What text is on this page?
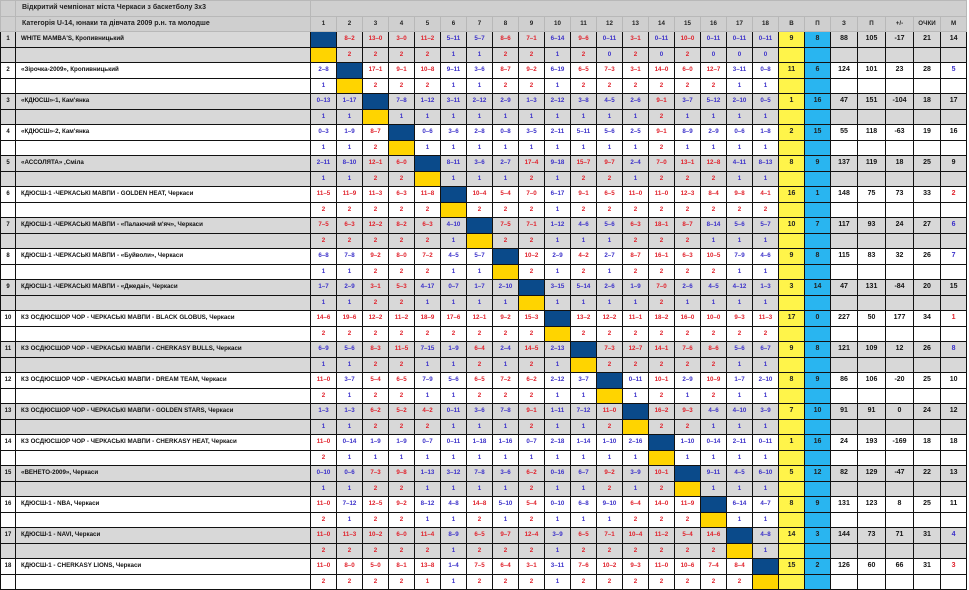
	Відкритий чемпіонат міста Черкаси з баскетболу 3х3																									
	Категорія U-14, юнаки та дівчата 2009 р.н. та молодше	1	2	3	4	5	6	7	8	9	10	11	12	13	14	15	16	17	18	В	П	З	П	+/-	ОЧКИ	М
1	WHITE MAMBA'S, Кропивницький		8–2	13–0	3–0	11–2	5–11	5–7	8–6	7–1	6–14	9–6	0–11	3–1	0–11	10–0	0–11	0–11	0–11	9	8	88	105	-17	21	14
			2	2	2	2	1	1	2	2	1	2	0	2	0	2	0	0	0							
2	«Зірочка-2009», Кропивницький	2–8		17–1	9–1	10–8	9–11	3–6	8–7	9–2	6–19	6–5	7–3	3–1	14–0	6–0	12–7	3–11	0–8	11	6	124	101	23	28	5
		1		2	2	2	1	1	2	2	1	2	2	2	2	2	2	1	1							
3	«КДЮСШ»-1, Кам'янка	0–13	1–17		7–8	1–12	3–11	2–12	2–9	1–3	2–12	3–8	4–5	2–6	9–1	3–7	5–12	2–10	0–5	1	16	47	151	-104	18	17
		1	1		1	1	1	1	1	1	1	1	1	1	2	1	1	1	1							
4	«КДЮСШ»-2, Кам'янка	0–3	1–9	8–7		0–6	3–6	2–8	0–8	3–5	2–11	5–11	5–6	2–5	9–1	8–9	2–9	0–6	1–8	2	15	55	118	-63	19	16
		1	1	2		1	1	1	1	1	1	1	1	1	2	1	1	1	1							
5	«АССОЛЯТА» ,Сміла	2–11	8–10	12–1	6–0		8–11	3–6	2–7	17–4	9–18	15–7	9–7	2–4	7–0	13–1	12–8	4–11	8–13	8	9	137	119	18	25	9
		1	1	2	2		1	1	1	2	1	2	2	1	2	2	2	1	1							
6	КДЮСШ-1 -ЧЕРКАСЬКІ МАВПИ - GOLDEN HEAT, Черкаси	11–5	11–9	11–3	6–3	11–8		10–4	5–4	7–0	6–17	9–1	6–5	11–0	11–0	12–3	8–4	9–8	4–1	16	1	148	75	73	33	2
		2	2	2	2	2		2	2	2	1	2	2	2	2	2	2	2	2							
7	КДЮСШ-1 -ЧЕРКАСЬКІ МАВПИ - «Палаючий м'яч», Черкаси	7–5	6–3	12–2	8–2	6–3	4–10		7–5	7–1	1–12	4–6	5–6	6–3	18–1	8–7	8–14	5–6	5–7	10	7	117	93	24	27	6
		2	2	2	2	2	1		2	2	1	1	1	2	2	2	1	1	1							
8	КДЮСШ-1 -ЧЕРКАСЬКІ МАВПИ - «Буйволи», Черкаси	6–8	7–8	9–2	8–0	7–2	4–5	5–7		10–2	2–9	4–2	2–7	8–7	16–1	6–3	10–5	7–9	4–6	9	8	115	83	32	26	7
		1	1	2	2	2	1	1		2	1	2	1	2	2	2	2	1	1							
9	КДЮСШ-1 -ЧЕРКАСЬКІ МАВПИ - «Джедаі», Черкаси	1–7	2–9	3–1	5–3	4–17	0–7	1–7	2–10		3–15	5–14	2–6	1–9	7–0	2–6	4–5	4–12	1–3	3	14	47	131	-84	20	15
		1	1	2	2	1	1	1	1		1	1	1	1	2	1	1	1	1							
10	КЗ ОСДЮСШОР ЧОР - ЧЕРКАСЬКІ МАВПИ - BLACK GLOBUS, Черкаси	14–6	19–6	12–2	11–2	18–9	17–6	12–1	9–2	15–3		13–2	12–2	11–1	18–2	16–0	10–0	9–3	11–3	17	0	227	50	177	34	1
		2	2	2	2	2	2	2	2	2		2	2	2	2	2	2	2	2							
11	КЗ ОСДЮСШОР ЧОР - ЧЕРКАСЬКІ МАВПИ - CHERKASY BULLS, Черкаси	6–9	5–6	8–3	11–5	7–15	1–9	6–4	2–4	14–5	2–13		7–3	12–7	14–1	7–6	8–6	5–6	6–7	9	8	121	109	12	26	8
		1	1	2	2	1	1	2	1	2	1		2	2	2	2	2	1	1							
12	КЗ ОСДЮСШОР ЧОР - ЧЕРКАСЬКІ МАВПИ - DREAM TEAM, Черкаси	11–0	3–7	5–4	6–5	7–9	5–6	6–5	7–2	6–2	2–12	3–7		0–11	10–1	2–9	10–9	1–7	2–10	8	9	86	106	-20	25	10
		2	1	2	2	1	1	2	2	2	1	1		1	2	1	2	1	1							
13	КЗ ОСДЮСШОР ЧОР - ЧЕРКАСЬКІ МАВПИ - GOLDEN STARS, Черкаси	1–3	1–3	6–2	5–2	4–2	0–11	3–6	7–8	9–1	1–11	7–12	11–0		16–2	9–3	4–6	4–10	3–9	7	10	91	91	0	24	12
		1	1	2	2	2	1	1	1	2	1	1	2		2	2	1	1	1							
14	КЗ ОСДЮСШОР ЧОР - ЧЕРКАСЬКІ МАВПИ - CHERKASY HEAT, Черкаси	11–0	0–14	1–9	1–9	0–7	0–11	1–18	1–16	0–7	2–18	1–14	1–10	2–16		1–10	0–14	2–11	0–11	1	16	24	193	-169	18	18
		2	1	1	1	1	1	1	1	1	1	1	1	1		1	1	1	1							
15	«ВЕНЕТО-2009», Черкаси	0–10	0–6	7–3	9–8	1–13	3–12	7–8	3–6	6–2	0–16	6–7	9–2	3–9	10–1		9–11	4–5	6–10	5	12	82	129	-47	22	13
		1	1	2	2	1	1	1	1	2	1	1	2	1	2		1	1	1							
16	КДЮСШ-1 - NBA, Черкаси	11–0	7–12	12–5	9–2	8–12	4–8	14–8	5–10	5–4	0–10	6–8	9–10	6–4	14–0	11–9		6–14	4–7	8	9	131	123	8	25	11
		2	1	2	2	1	1	2	1	2	1	1	1	2	2	2		1	1							
17	КДЮСШ-1 - NAVI, Черкаси	11–0	11–3	10–2	6–0	11–4	8–9	6–5	9–7	12–4	3–9	6–5	7–1	10–4	11–2	5–4	14–6		4–8	14	3	144	73	71	31	4
		2	2	2	2	2	1	2	2	2	1	2	2	2	2	2	2		1							
18	КДЮСШ-1 - CHERKASY LIONS, Черкаси	11–0	8–0	5–0	8–1	13–8	1–4	7–5	6–4	3–1	3–11	7–6	10–2	9–3	11–0	10–6	7–4	8–4		15	2	126	60	66	31	3
		2	2	2	2	1	1	2	2	2	1	2	2	2	2	2	2	2								
